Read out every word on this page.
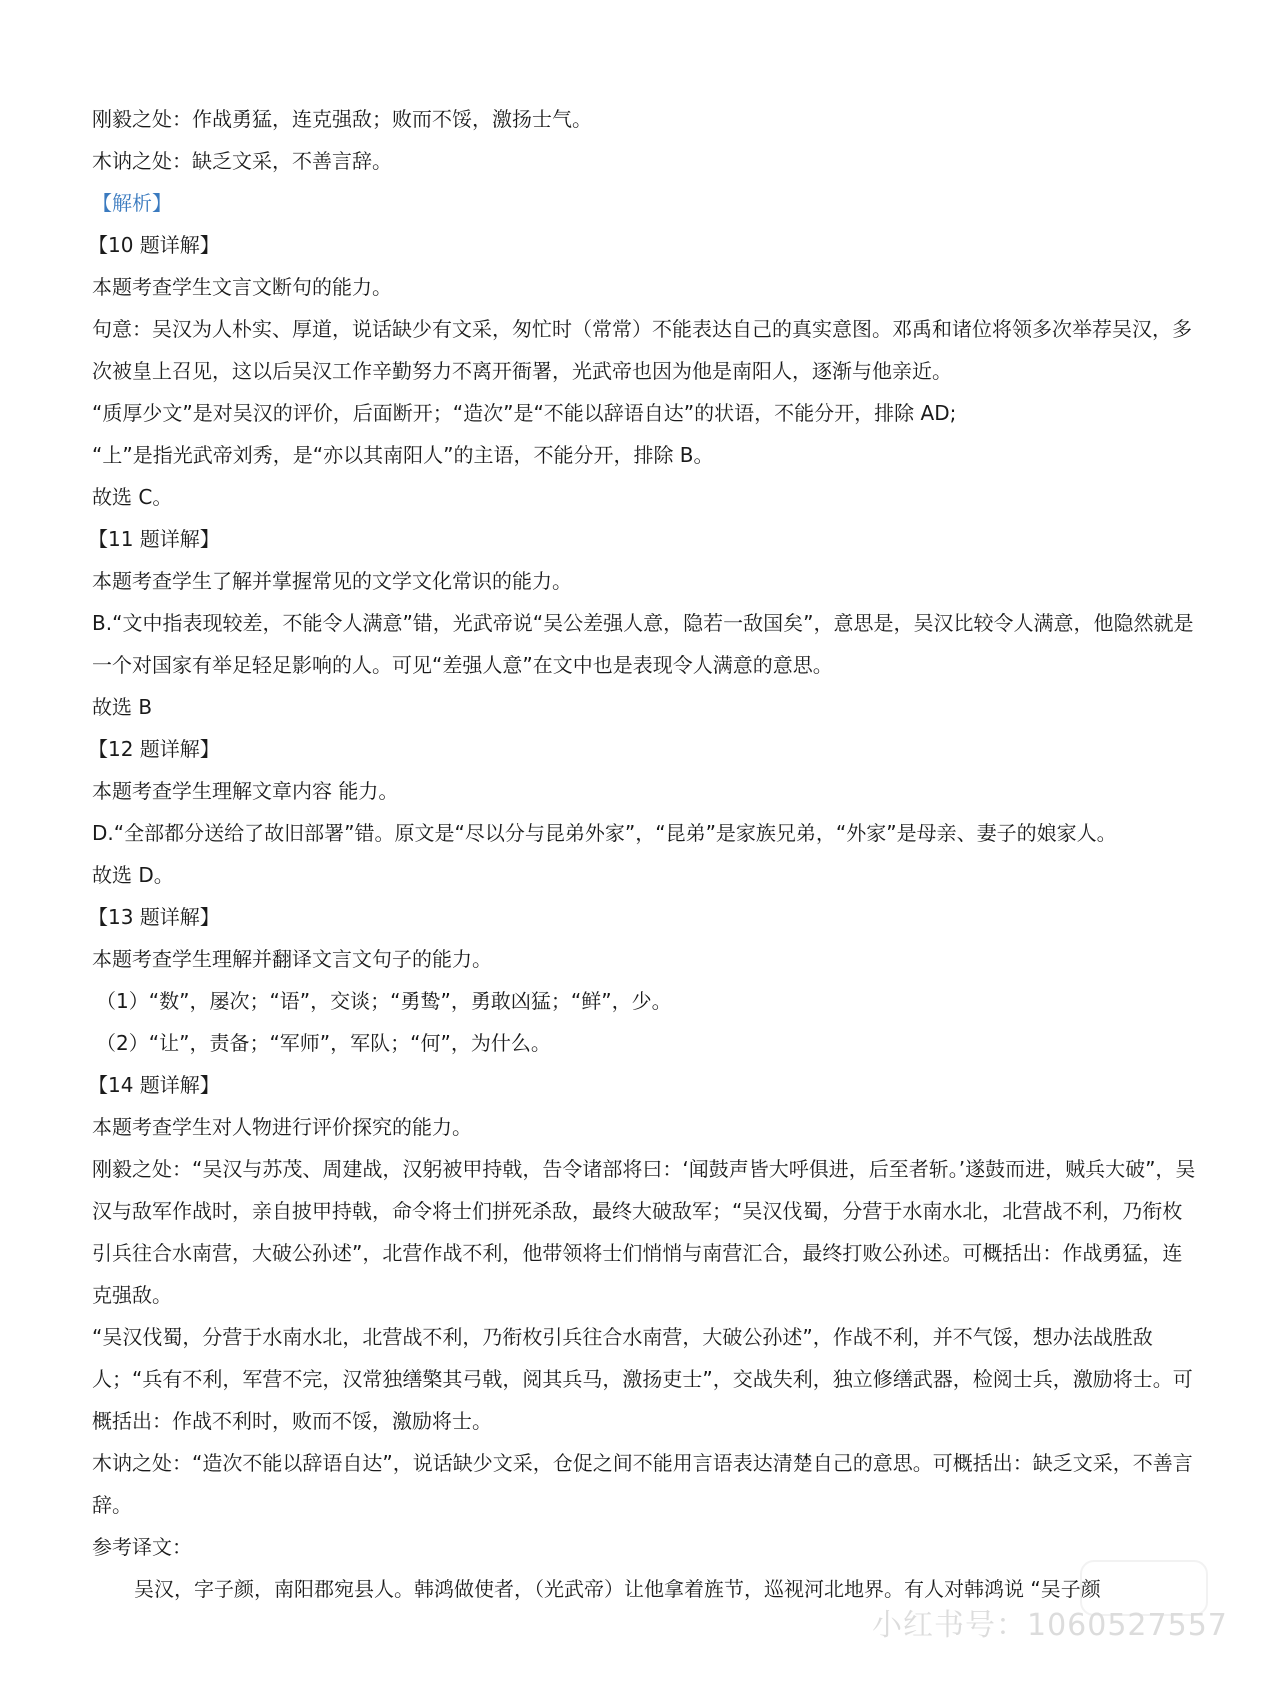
刚毅之处：作战勇猛，连克强敌；败而不馁，激扬士气。

木讷之处：缺乏文采，不善言辞。

【解析】

【10 题详解】

本题考查学生文言文断句的能力。

句意：吴汉为人朴实、厚道，说话缺少有文采，匆忙时（常常）不能表达自己的真实意图。邓禹和诸位将领多次举荐吴汉，多次被皇上召见，这以后吴汉工作辛勤努力不离开衙署，光武帝也因为他是南阳人，逐渐与他亲近。

“质厚少文”是对吴汉的评价，后面断开；“造次”是“不能以辞语自达”的状语，不能分开，排除 AD;

“上”是指光武帝刘秀，是“亦以其南阳人”的主语，不能分开，排除 B。

故选 C。

【11 题详解】

本题考查学生了解并掌握常见的文学文化常识的能力。

B.“文中指表现较差，不能令人满意”错，光武帝说“吴公差强人意，隐若一敌国矣”，意思是，吴汉比较令人满意，他隐然就是一个对国家有举足轻足影响的人。可见“差强人意”在文中也是表现令人满意的意思。

故选 B

【12 题详解】

本题考查学生理解文章内容 能力。

D.“全部都分送给了故旧部署”错。原文是“尽以分与昆弟外家”，“昆弟”是家族兄弟，“外家”是母亲、妻子的娘家人。

故选 D。

【13 题详解】

本题考查学生理解并翻译文言文句子的能力。

（1）“数”，屡次；“语”，交谈；“勇鸷”，勇敢凶猛；“鲜”，少。

（2）“让”，责备；“军师”，军队；“何”，为什么。

【14 题详解】

本题考查学生对人物进行评价探究的能力。

刚毅之处：“吴汉与苏茂、周建战，汉躬被甲持戟，告令诸部将曰：‘闻鼓声皆大呼俱进，后至者斩。’遂鼓而进，贼兵大破”，吴汉与敌军作战时，亲自披甲持戟，命令将士们拼死杀敌，最终大破敌军；“吴汉伐蜀，分营于水南水北，北营战不利，乃衔枚引兵往合水南营，大破公孙述”，北营作战不利，他带领将士们悄悄与南营汇合，最终打败公孙述。可概括出：作战勇猛，连克强敌。

“吴汉伐蜀，分营于水南水北，北营战不利，乃衔枚引兵往合水南营，大破公孙述”，作战不利，并不气馁，想办法战胜敌人；“兵有不利，军营不完，汉常独缮檠其弓戟，阅其兵马，激扬吏士”，交战失利，独立修缮武器，检阅士兵，激励将士。可概括出：作战不利时，败而不馁，激励将士。

木讷之处：“造次不能以辞语自达”，说话缺少文采，仓促之间不能用言语表达清楚自己的意思。可概括出：缺乏文采，不善言辞。

参考译文：

吴汉，字子颜，南阳郡宛县人。韩鸿做使者，（光武帝）让他拿着旌节，巡视河北地界。有人对韩鸿说 “吴子颜

小红书号：1060527557
